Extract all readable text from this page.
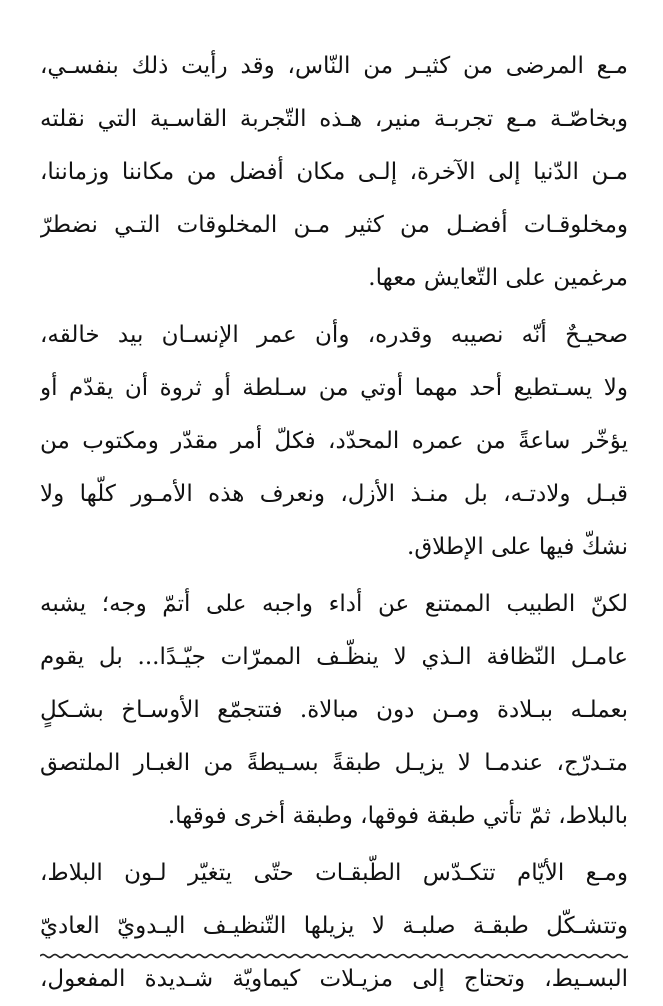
مـع المرضى من كثيـر من النّاس، وقد رأيت ذلك بنفسـي،
وبخاصّـة مـع تجربـة منير، هـذه التّجربة القاسـية التي نقلته
مـن الدّنيا إلى الآخرة، إلـى مكان أفضل من مكاننا وزماننا،
ومخلوقـات أفضـل من كثير مـن المخلوقات التـي نضطرّ
مرغمين على التّعايش معها.
صحيـحٌ أنّه نصيبه وقدره، وأن عمر الإنسـان بيد خالقه،
ولا يسـتطيع أحد مهما أوتي من سـلطة أو ثروة أن يقدّم أو
يؤخّر ساعةً من عمره المحدّد، فكلّ أمر مقدّر ومكتوب من
قبـل ولادتـه، بل منـذ الأزل، ونعرف هذه الأمـور كلّها ولا
نشكّ فيها على الإطلاق.
لكنّ الطبيب الممتنع عن أداء واجبه على أتمّ وجه؛ يشبه
عامـل النّظافة الـذي لا ينظّـف الممرّات جيّـدًا... بل يقوم
بعملـه ببـلادة ومـن دون مبالاة. فتتجمّع الأوسـاخ بشـكلٍ
متـدرّج، عندمـا لا يزيـل طبقةً بسـيطةً من الغبـار الملتصق
بالبلاط، ثمّ تأتي طبقة فوقها، وطبقة أخرى فوقها.
ومـع الأيّام تتكـدّس الطّبقـات حتّى يتغيّر لـون البلاط،
وتتشـكّل طبقـة صلبـة لا يزيلها التّنظيـف اليـدويّ العاديّ
البسـيط، وتحتاج إلى مزيـلات كيماويّة شـديدة المفعول،
